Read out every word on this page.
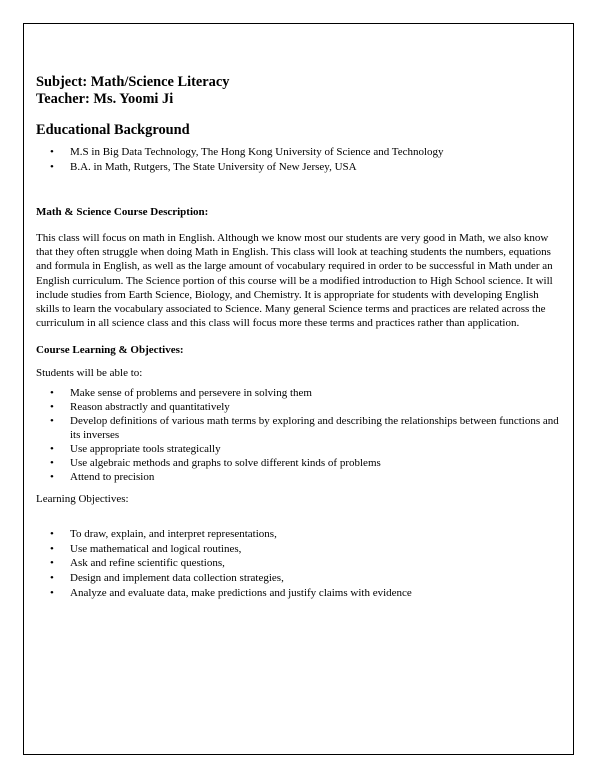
Subject: Math/Science Literacy

Teacher: Ms. Yoomi Ji

Educational Background

• M.S in Big Data Technology, The Hong Kong University of Science and Technology
• B.A. in Math, Rutgers, The State University of New Jersey, USA

Math & Science Course Description:

This class will focus on math in English. Although we know most our students are very good in Math, we also know that they often struggle when doing Math in English. This class will look at teaching students the numbers, equations and formula in English, as well as the large amount of vocabulary required in order to be successful in Math under an English curriculum. The Science portion of this course will be a modified introduction to High School science. It will include studies from Earth Science, Biology, and Chemistry. It is appropriate for students with developing English skills to learn the vocabulary associated to Science. Many general Science terms and practices are related across the curriculum in all science class and this class will focus more these terms and practices rather than application.

Course Learning & Objectives:

Students will be able to:

• Make sense of problems and persevere in solving them
• Reason abstractly and quantitatively
• Develop definitions of various math terms by exploring and describing the relationships between functions and its inverses
• Use appropriate tools strategically
• Use algebraic methods and graphs to solve different kinds of problems
• Attend to precision

Learning Objectives:

• To draw, explain, and interpret representations,
• Use mathematical and logical routines,
• Ask and refine scientific questions,
• Design and implement data collection strategies,
• Analyze and evaluate data, make predictions and justify claims with evidence
